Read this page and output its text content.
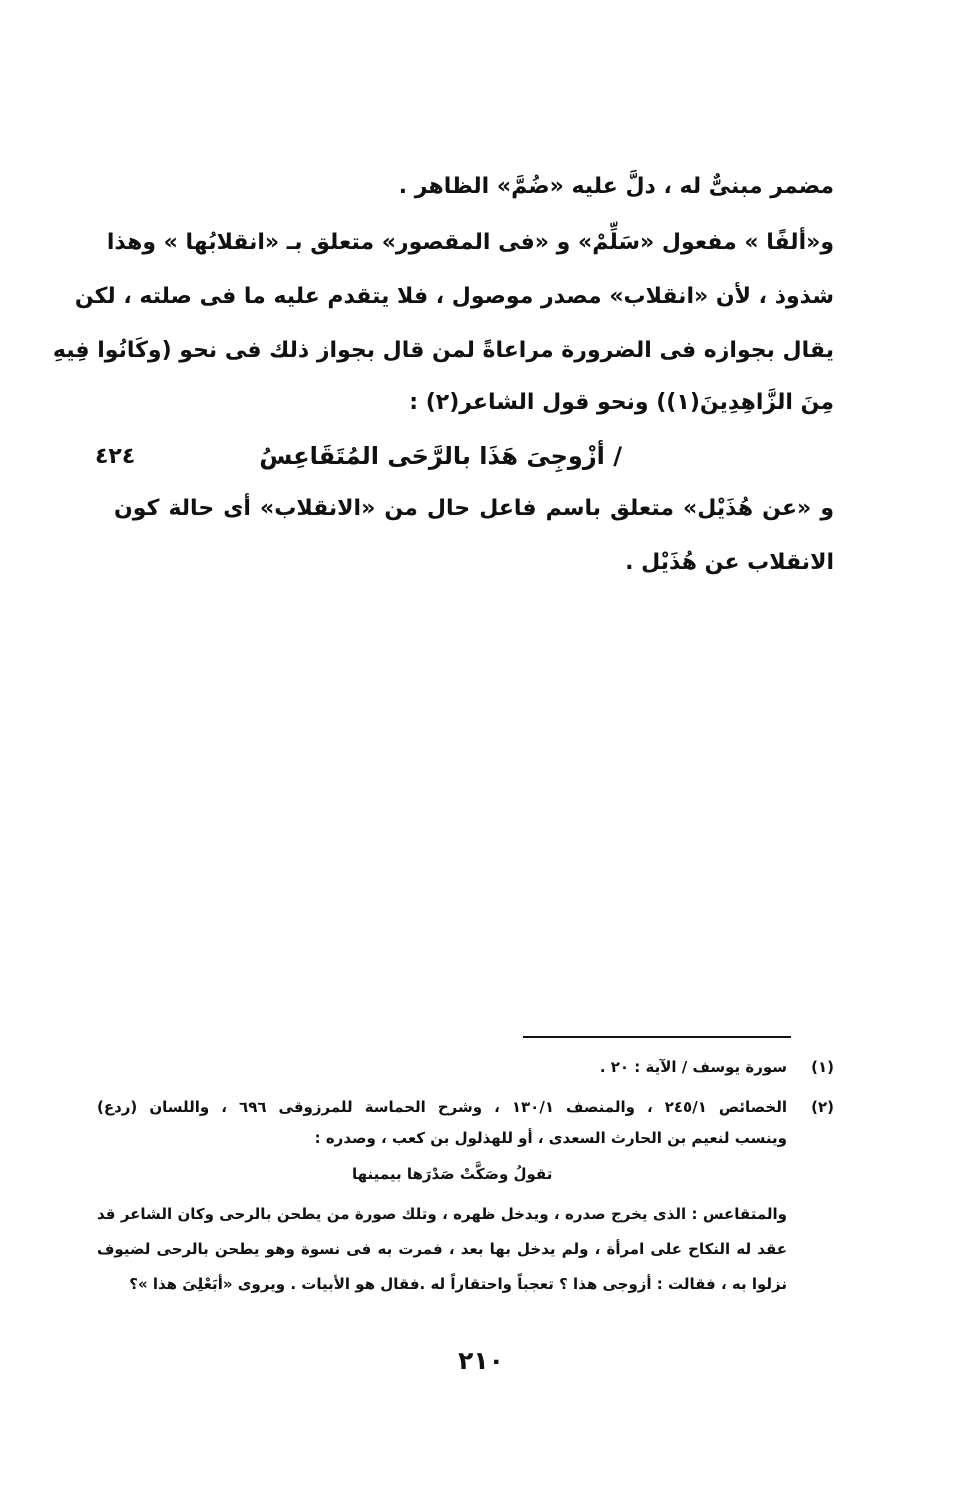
مضمر مبنىٌّ له ، دلَّ عليه «ضُمَّ» الظاهر .
و«ألفًا » مفعول «سَلِّمْ» و «فى المقصور» متعلق بـ «انقلابُها » وهذا
شذوذ ، لأن «انقلاب» مصدر موصول ، فلا يتقدم عليه ما فى صلته ، لكن
يقال بجوازه فى الضرورة مراعاةً لمن قال بجواز ذلك فى نحو (وكَانُوا فِيهِ
مِنَ الزَّاهِدِينَ(١)) ونحو قول الشاعر(٢) :
/ أزْوجِىَ هَذَا بالرَّحَى المُتَقَاعِسُ
٤٢٤
و «عن هُذَيْل» متعلق باسم فاعل حال من «الانقلاب» أى حالة كون
الانقلاب عن هُذَيْل .
(١)
سورة يوسف / الآية : ٢٠ .
(٢)
الخصائص ٢٤٥/١ ، والمنصف ١٣٠/١ ، وشرح الحماسة للمرزوقى ٦٩٦ ، واللسان (ردع)
وينسب لنعيم بن الحارث السعدى ، أو للهذلول بن كعب ، وصدره :
تقولُ وصَكَّتْ صَدْرَها بيمينها
والمتقاعس : الذى يخرج صدره ، ويدخل ظهره ، وتلك صورة من يطحن بالرحى وكان الشاعر قد
عقد له النكاح على امرأة ، ولم يدخل بها بعد ، فمرت به فى نسوة وهو يطحن بالرحى لضيوف
نزلوا به ، فقالت : أزوجى هذا ؟ تعجباً واحتقاراً له .فقال هو الأبيات . ويروى «أبَعْلِىَ هذا »؟
٢١٠
